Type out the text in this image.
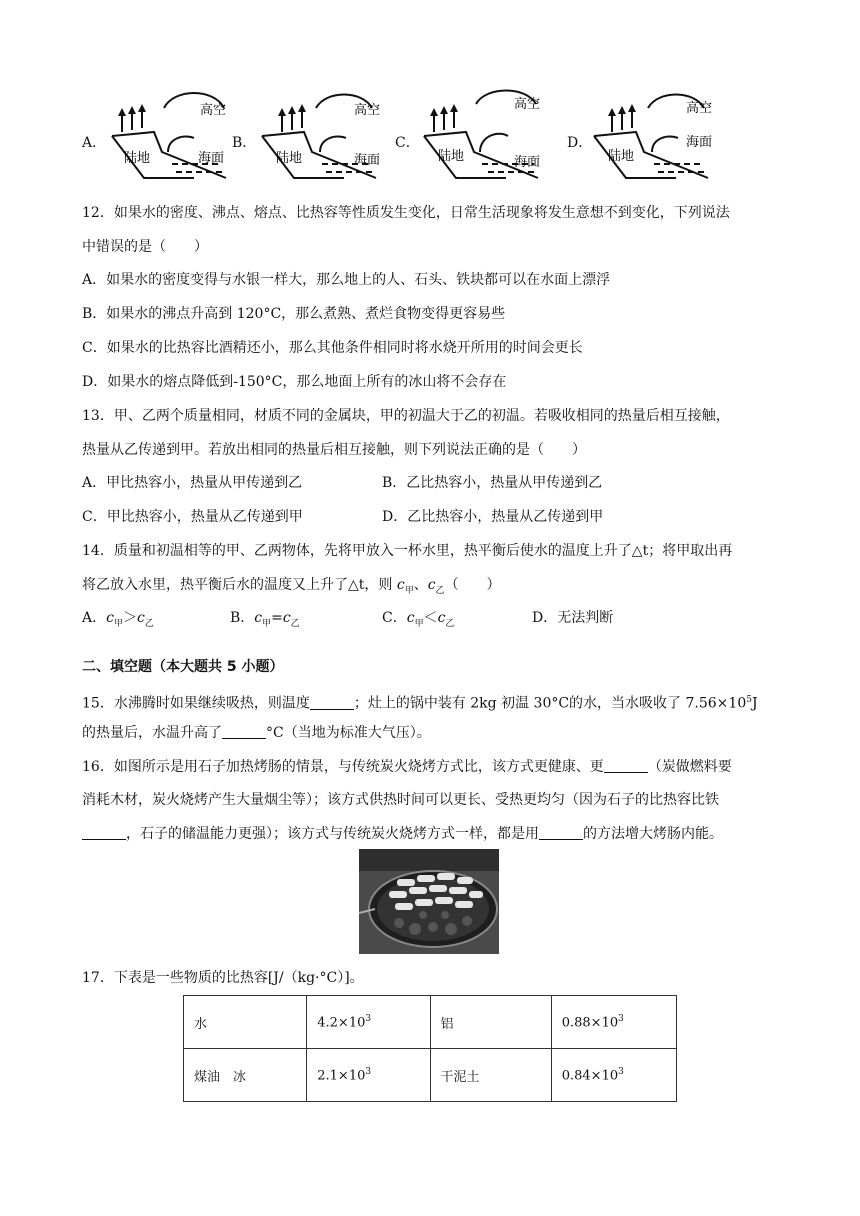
A．
高空
陆地	海面
B．
高空
陆地	海面
C．
高空
陆地	海面
D．
高空
陆地
海面
12．如果水的密度、沸点、熔点、比热容等性质发生变化，日常生活现象将发生意想不到变化，下列说法
中错误的是（　　）
A．如果水的密度变得与水银一样大，那么地上的人、石头、铁块都可以在水面上漂浮
B．如果水的沸点升高到 120°C，那么煮熟、煮烂食物变得更容易些
C．如果水的比热容比酒精还小，那么其他条件相同时将水烧开所用的时间会更长
D．如果水的熔点降低到-150°C，那么地面上所有的冰山将不会存在
13．甲、乙两个质量相同，材质不同的金属块，甲的初温大于乙的初温。若吸收相同的热量后相互接触，
热量从乙传递到甲。若放出相同的热量后相互接触，则下列说法正确的是（　　）
A．甲比热容小，热量从甲传递到乙	B．乙比热容小，热量从甲传递到乙
C．甲比热容小，热量从乙传递到甲	D．乙比热容小，热量从乙传递到甲
14．质量和初温相等的甲、乙两物体，先将甲放入一杯水里，热平衡后使水的温度上升了△t；将甲取出再
将乙放入水里，热平衡后水的温度又上升了△t，则 $c_甲$、$c_乙$（　　）
A．$c_甲>c_乙$	B．$c_甲=c_乙$	C．$c_甲<c_乙$	D．无法判断
二、填空题（本大题共 5 小题）
15．水沸腾时如果继续吸热，则温度	；灶上的锅中装有 2kg 初温 30°C的水，当水吸收了 $7.56\times 10^5J$
的热量后，水温升高了	°C（当地为标准大气压）。
16．如图所示是用石子加热烤肠的情景，与传统炭火烧烤方式比，该方式更健康、更	（炭做燃料要
消耗木材，炭火烧烤产生大量烟尘等）；该方式供热时间可以更长、受热更均匀（因为石子的比热容比铁
，石子的储温能力更强）；该方式与传统炭火烧烤方式一样，都是用	的方法增大烤肠内能。
17．下表是一些物质的比热容[J/（kg·°C）]。
水	$4.2\times 10^3$	铝	$0.88\times 10^3$
煤油　冰	$2.1\times 10^3$	干泥土	$0.84\times 10^3$
